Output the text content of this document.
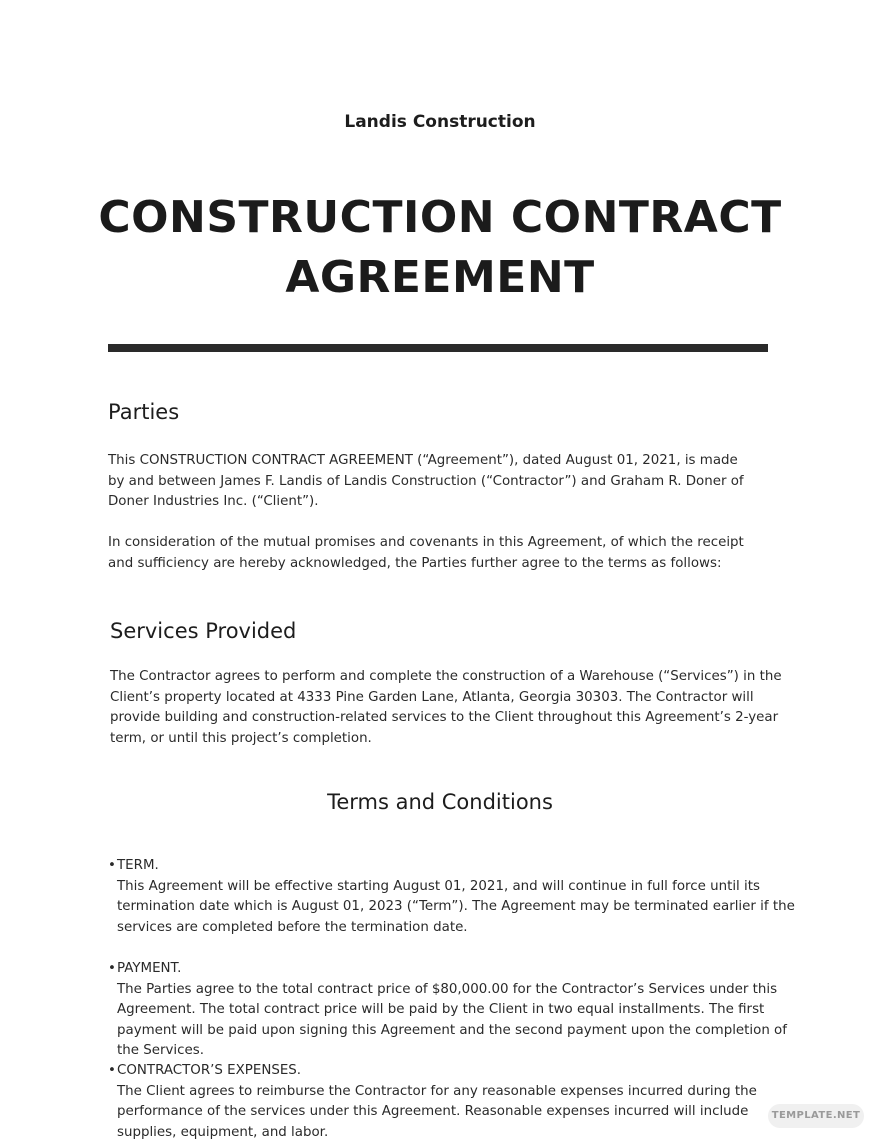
Landis Construction
CONSTRUCTION CONTRACT
AGREEMENT
Parties

This CONSTRUCTION CONTRACT AGREEMENT (“Agreement”), dated August 01, 2021, is made by and between James F. Landis of Landis Construction (“Contractor”) and Graham R. Doner of Doner Industries Inc. (“Client”).

In consideration of the mutual promises and covenants in this Agreement, of which the receipt and sufficiency are hereby acknowledged, the Parties further agree to the terms as follows:

Services Provided

The Contractor agrees to perform and complete the construction of a Warehouse (“Services”) in the Client’s property located at 4333 Pine Garden Lane, Atlanta, Georgia 30303. The Contractor will provide building and construction-related services to the Client throughout this Agreement’s 2-year term, or until this project’s completion.

Terms and Conditions
•TERM.
This Agreement will be effective starting August 01, 2021, and will continue in full force until its termination date which is August 01, 2023 (“Term”). The Agreement may be terminated earlier if the services are completed before the termination date.
•PAYMENT.
The Parties agree to the total contract price of $80,000.00 for the Contractor’s Services under this Agreement. The total contract price will be paid by the Client in two equal installments. The first payment will be paid upon signing this Agreement and the second payment upon the completion of the Services.
•CONTRACTOR’S EXPENSES.
The Client agrees to reimburse the Contractor for any reasonable expenses incurred during the performance of the services under this Agreement. Reasonable expenses incurred will include supplies, equipment, and labor.
TEMPLATE.NET
